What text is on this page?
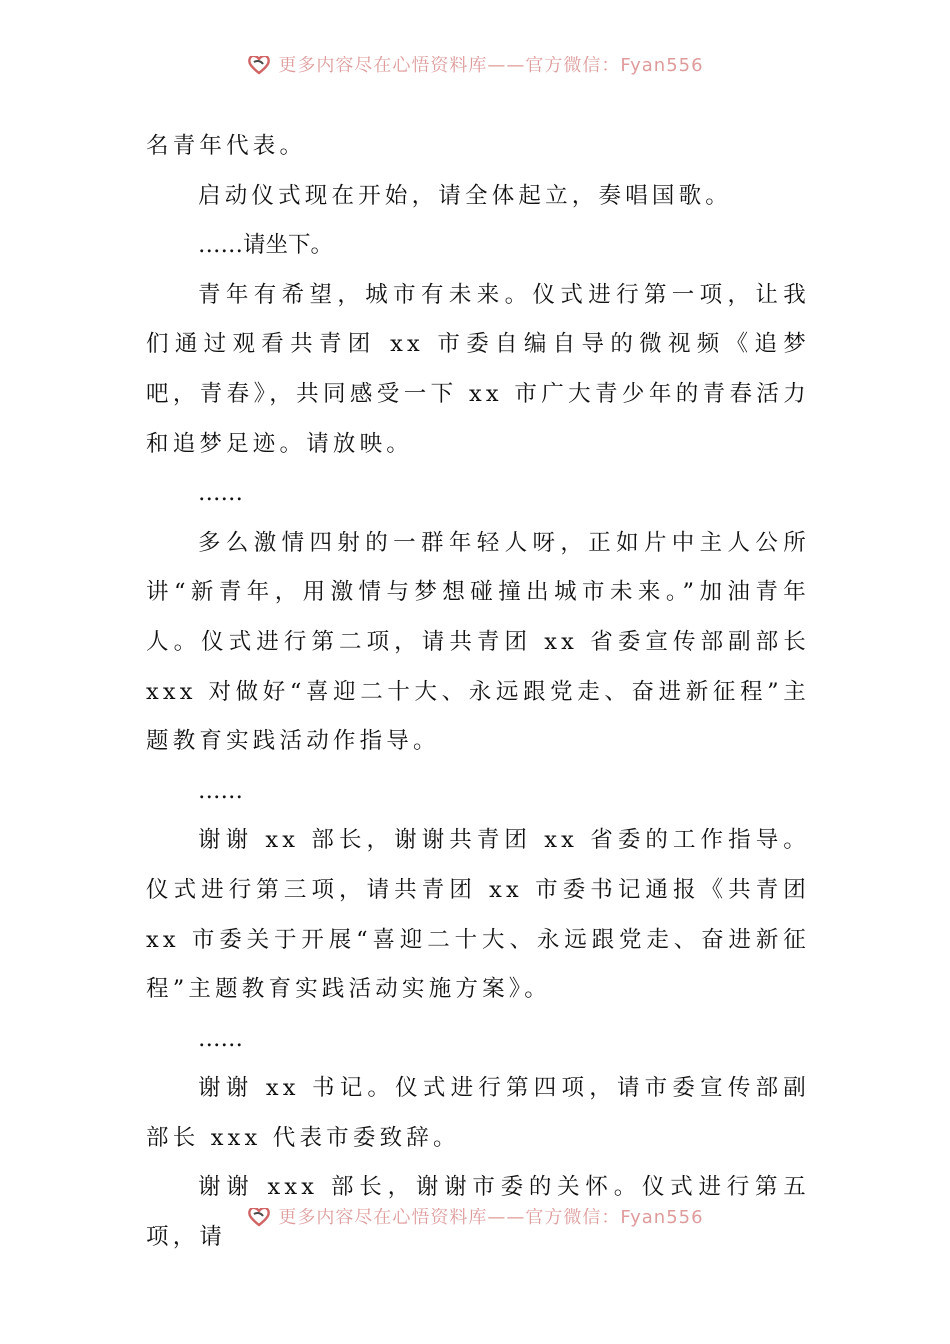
更多内容尽在心悟资料库——官方微信：Fyan556

名青年代表。

启动仪式现在开始，请全体起立，奏唱国歌。

……请坐下。

青年有希望，城市有未来。仪式进行第一项，让我们通过观看共青团 xx 市委自编自导的微视频《追梦吧，青春》，共同感受一下 xx 市广大青少年的青春活力和追梦足迹。请放映。

……

多么激情四射的一群年轻人呀，正如片中主人公所讲“新青年，用激情与梦想碰撞出城市未来。”加油青年人。仪式进行第二项，请共青团 xx 省委宣传部副部长 xxx 对做好“喜迎二十大、永远跟党走、奋进新征程”主题教育实践活动作指导。

……

谢谢 xx 部长，谢谢共青团 xx 省委的工作指导。仪式进行第三项，请共青团 xx 市委书记通报《共青团 xx 市委关于开展“喜迎二十大、永远跟党走、奋进新征程”主题教育实践活动实施方案》。

……

谢谢 xx 书记。仪式进行第四项，请市委宣传部副部长 xxx 代表市委致辞。

谢谢 xxx 部长，谢谢市委的关怀。仪式进行第五项，请

更多内容尽在心悟资料库——官方微信：Fyan556
